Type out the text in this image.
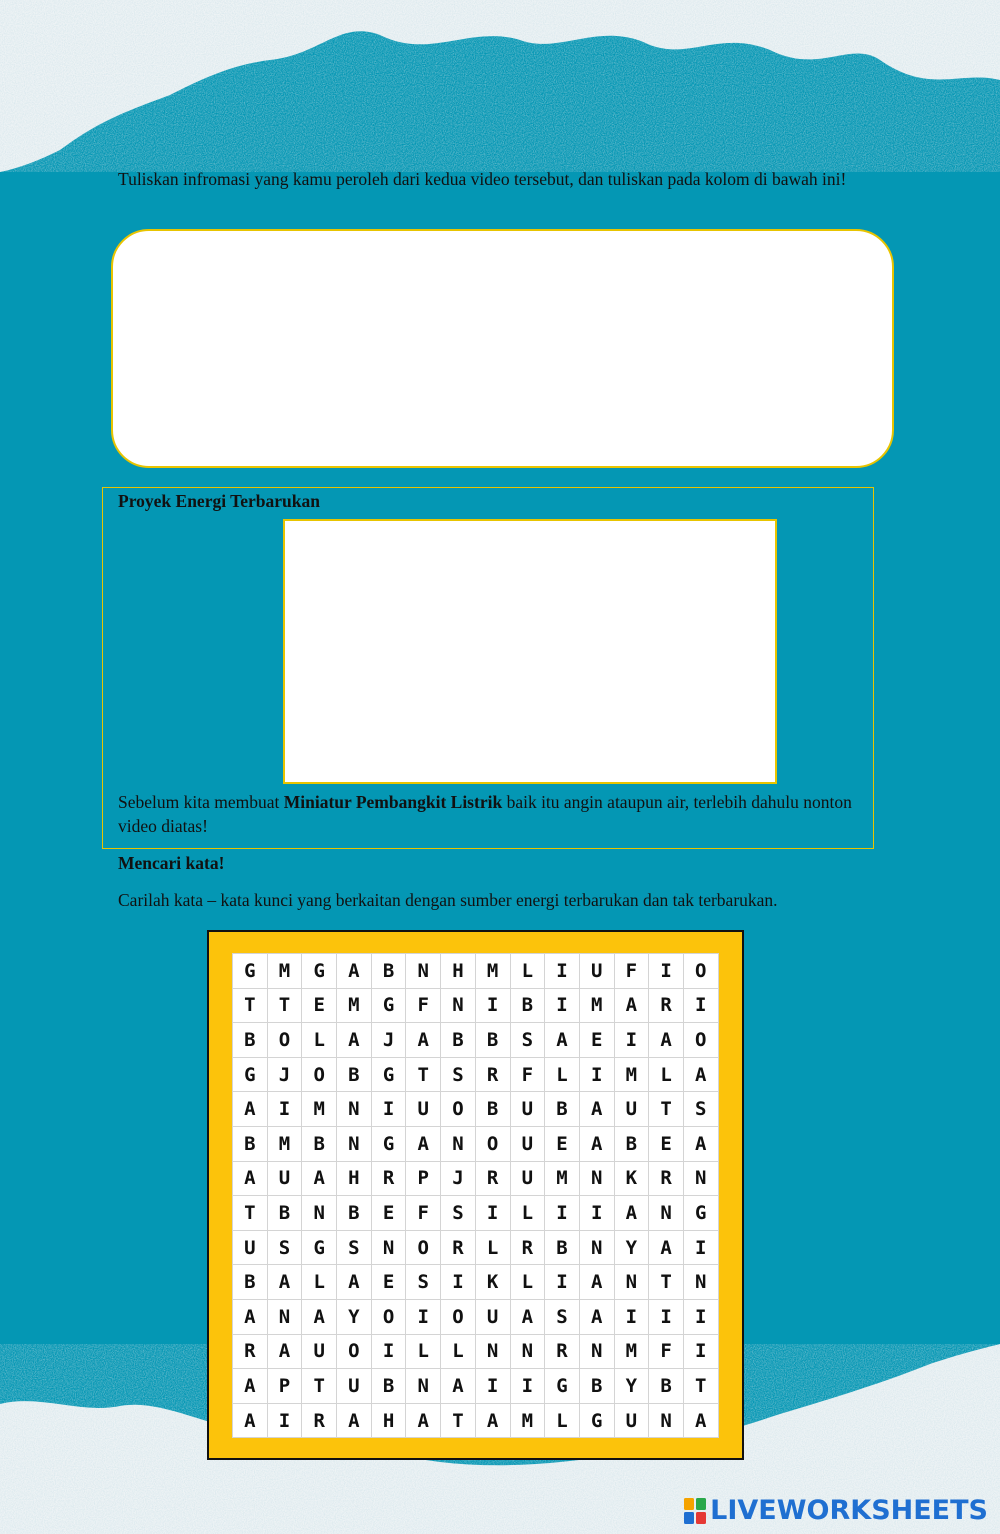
Tuliskan infromasi yang kamu peroleh dari kedua video tersebut, dan tuliskan pada kolom di bawah ini!
Proyek Energi Terbarukan
Sebelum kita membuat Miniatur Pembangkit Listrik baik itu angin ataupun air, terlebih dahulu nonton video diatas!
Mencari kata!
Carilah kata – kata kunci yang berkaitan dengan sumber energi terbarukan dan tak terbarukan.
G	M	G	A	B	N	H	M	L	I	U	F	I	O
T	T	E	M	G	F	N	I	B	I	M	A	R	I
B	O	L	A	J	A	B	B	S	A	E	I	A	O
G	J	O	B	G	T	S	R	F	L	I	M	L	A
A	I	M	N	I	U	O	B	U	B	A	U	T	S
B	M	B	N	G	A	N	O	U	E	A	B	E	A
A	U	A	H	R	P	J	R	U	M	N	K	R	N
T	B	N	B	E	F	S	I	L	I	I	A	N	G
U	S	G	S	N	O	R	L	R	B	N	Y	A	I
B	A	L	A	E	S	I	K	L	I	A	N	T	N
A	N	A	Y	O	I	O	U	A	S	A	I	I	I
R	A	U	O	I	L	L	N	N	R	N	M	F	I
A	P	T	U	B	N	A	I	I	G	B	Y	B	T
A	I	R	A	H	A	T	A	M	L	G	U	N	A
LIVEWORKSHEETS
